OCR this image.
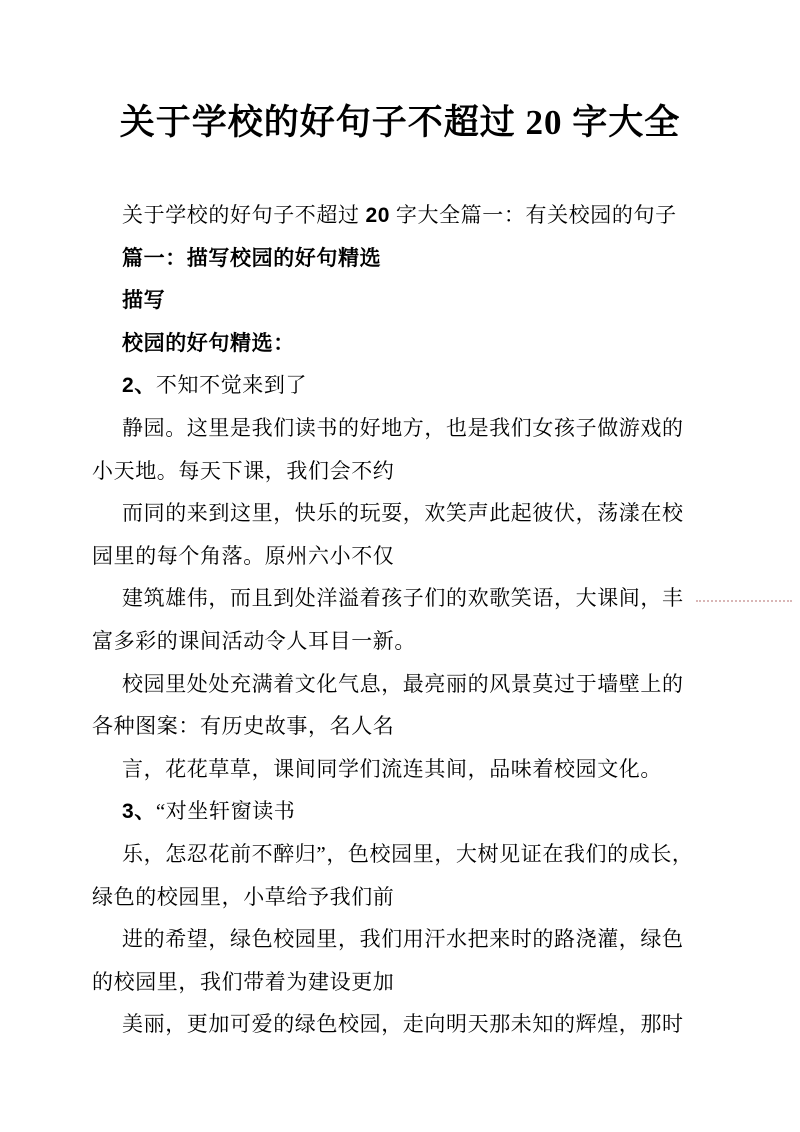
关于学校的好句子不超过 20 字大全
关于学校的好句子不超过 20 字大全篇一：有关校园的句子
篇一：描写校园的好句精选
描写
校园的好句精选：
2、不知不觉来到了
静园。这里是我们读书的好地方，也是我们女孩子做游戏的
小天地。每天下课，我们会不约
而同的来到这里，快乐的玩耍，欢笑声此起彼伏，荡漾在校
园里的每个角落。原州六小不仅
建筑雄伟，而且到处洋溢着孩子们的欢歌笑语，大课间，丰
富多彩的课间活动令人耳目一新。
校园里处处充满着文化气息，最亮丽的风景莫过于墙壁上的
各种图案：有历史故事，名人名
言，花花草草，课间同学们流连其间，品味着校园文化。
3、“对坐轩窗读书
乐，怎忍花前不醉归”，色校园里，大树见证在我们的成长，
绿色的校园里，小草给予我们前
进的希望，绿色校园里，我们用汗水把来时的路浇灌，绿色
的校园里，我们带着为建设更加
美丽，更加可爱的绿色校园，走向明天那未知的辉煌，那时
